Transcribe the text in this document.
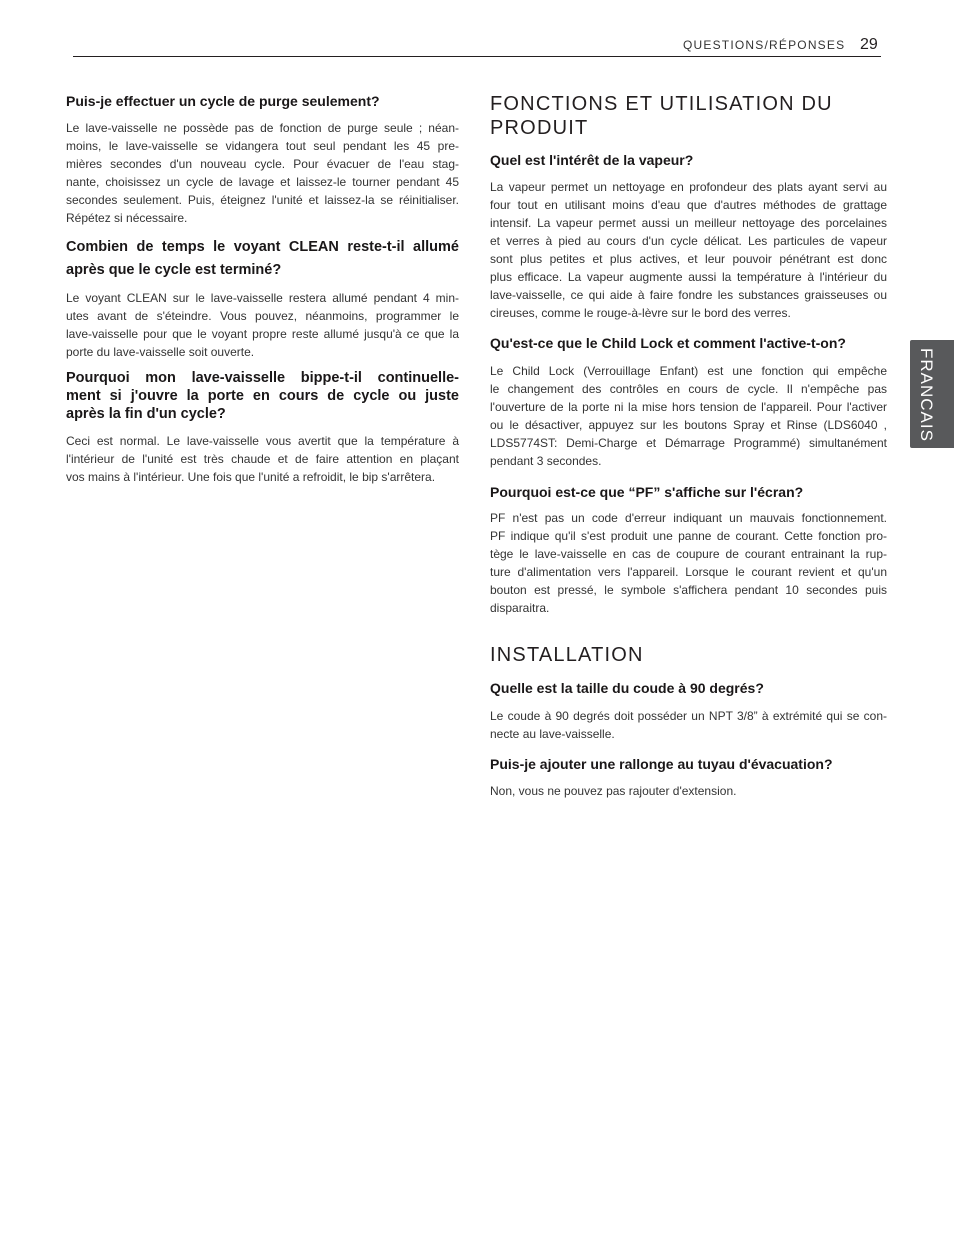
QUESTIONS/RÉPONSES 29
FRANCAIS
Puis-je effectuer un cycle de purge seulement?
Le lave-vaisselle ne possède pas de fonction de purge seule ; néan-
moins, le lave-vaisselle se vidangera tout seul pendant les 45 pre-
mières secondes d'un nouveau cycle. Pour évacuer de l'eau stag-
nante, choisissez un cycle de lavage et laissez-le tourner pendant 45
secondes seulement. Puis, éteignez l'unité et laissez-la se réinitialiser.
Répétez si nécessaire.
Combien de temps le voyant CLEAN reste-t-il allumé
après que le cycle est terminé?
Le voyant CLEAN sur le lave-vaisselle restera allumé pendant 4 min-
utes avant de s'éteindre. Vous pouvez, néanmoins, programmer le
lave-vaisselle pour que le voyant propre reste allumé jusqu'à ce que la
porte du lave-vaisselle soit ouverte.
Pourquoi mon lave-vaisselle bippe-t-il continuelle-
ment si j'ouvre la porte en cours de cycle ou juste
après la fin d'un cycle?
Ceci est normal. Le lave-vaisselle vous avertit que la température à
l'intérieur de l'unité est très chaude et de faire attention en plaçant
vos mains à l'intérieur. Une fois que l'unité a refroidit, le bip s'arrêtera.
FONCTIONS ET UTILISATION DU
PRODUIT
Quel est l'intérêt de la vapeur?
La vapeur permet un nettoyage en profondeur des plats ayant servi au
four tout en utilisant moins d'eau que d'autres méthodes de grattage
intensif. La vapeur permet aussi un meilleur nettoyage des porcelaines
et verres à pied au cours d'un cycle délicat. Les particules de vapeur
sont plus petites et plus actives, et leur pouvoir pénétrant est donc
plus efficace. La vapeur augmente aussi la température à l'intérieur du
lave-vaisselle, ce qui aide à faire fondre les substances graisseuses ou
cireuses, comme le rouge-à-lèvre sur le bord des verres.
Qu'est-ce que le Child Lock et comment l'active-t-on?
Le Child Lock (Verrouillage Enfant) est une fonction qui empêche
le changement des contrôles en cours de cycle. Il n'empêche pas
l'ouverture de la porte ni la mise hors tension de l'appareil. Pour l'activer
ou le désactiver, appuyez sur les boutons Spray et Rinse (LDS6040 ,
LDS5774ST: Demi-Charge et Démarrage Programmé) simultanément
pendant 3 secondes.
Pourquoi est-ce que “PF” s'affiche sur l'écran?
PF n'est pas un code d'erreur indiquant un mauvais fonctionnement.
PF indique qu'il s'est produit une panne de courant. Cette fonction pro-
tège le lave-vaisselle en cas de coupure de courant entrainant la rup-
ture d'alimentation vers l'appareil. Lorsque le courant revient et qu'un
bouton est pressé, le symbole s'affichera pendant 10 secondes puis
disparaitra.
INSTALLATION
Quelle est la taille du coude à 90 degrés?
Le coude à 90 degrés doit posséder un NPT 3/8” à extrémité qui se con-
necte au lave-vaisselle.
Puis-je ajouter une rallonge au tuyau d'évacuation?
Non, vous ne pouvez pas rajouter d'extension.
